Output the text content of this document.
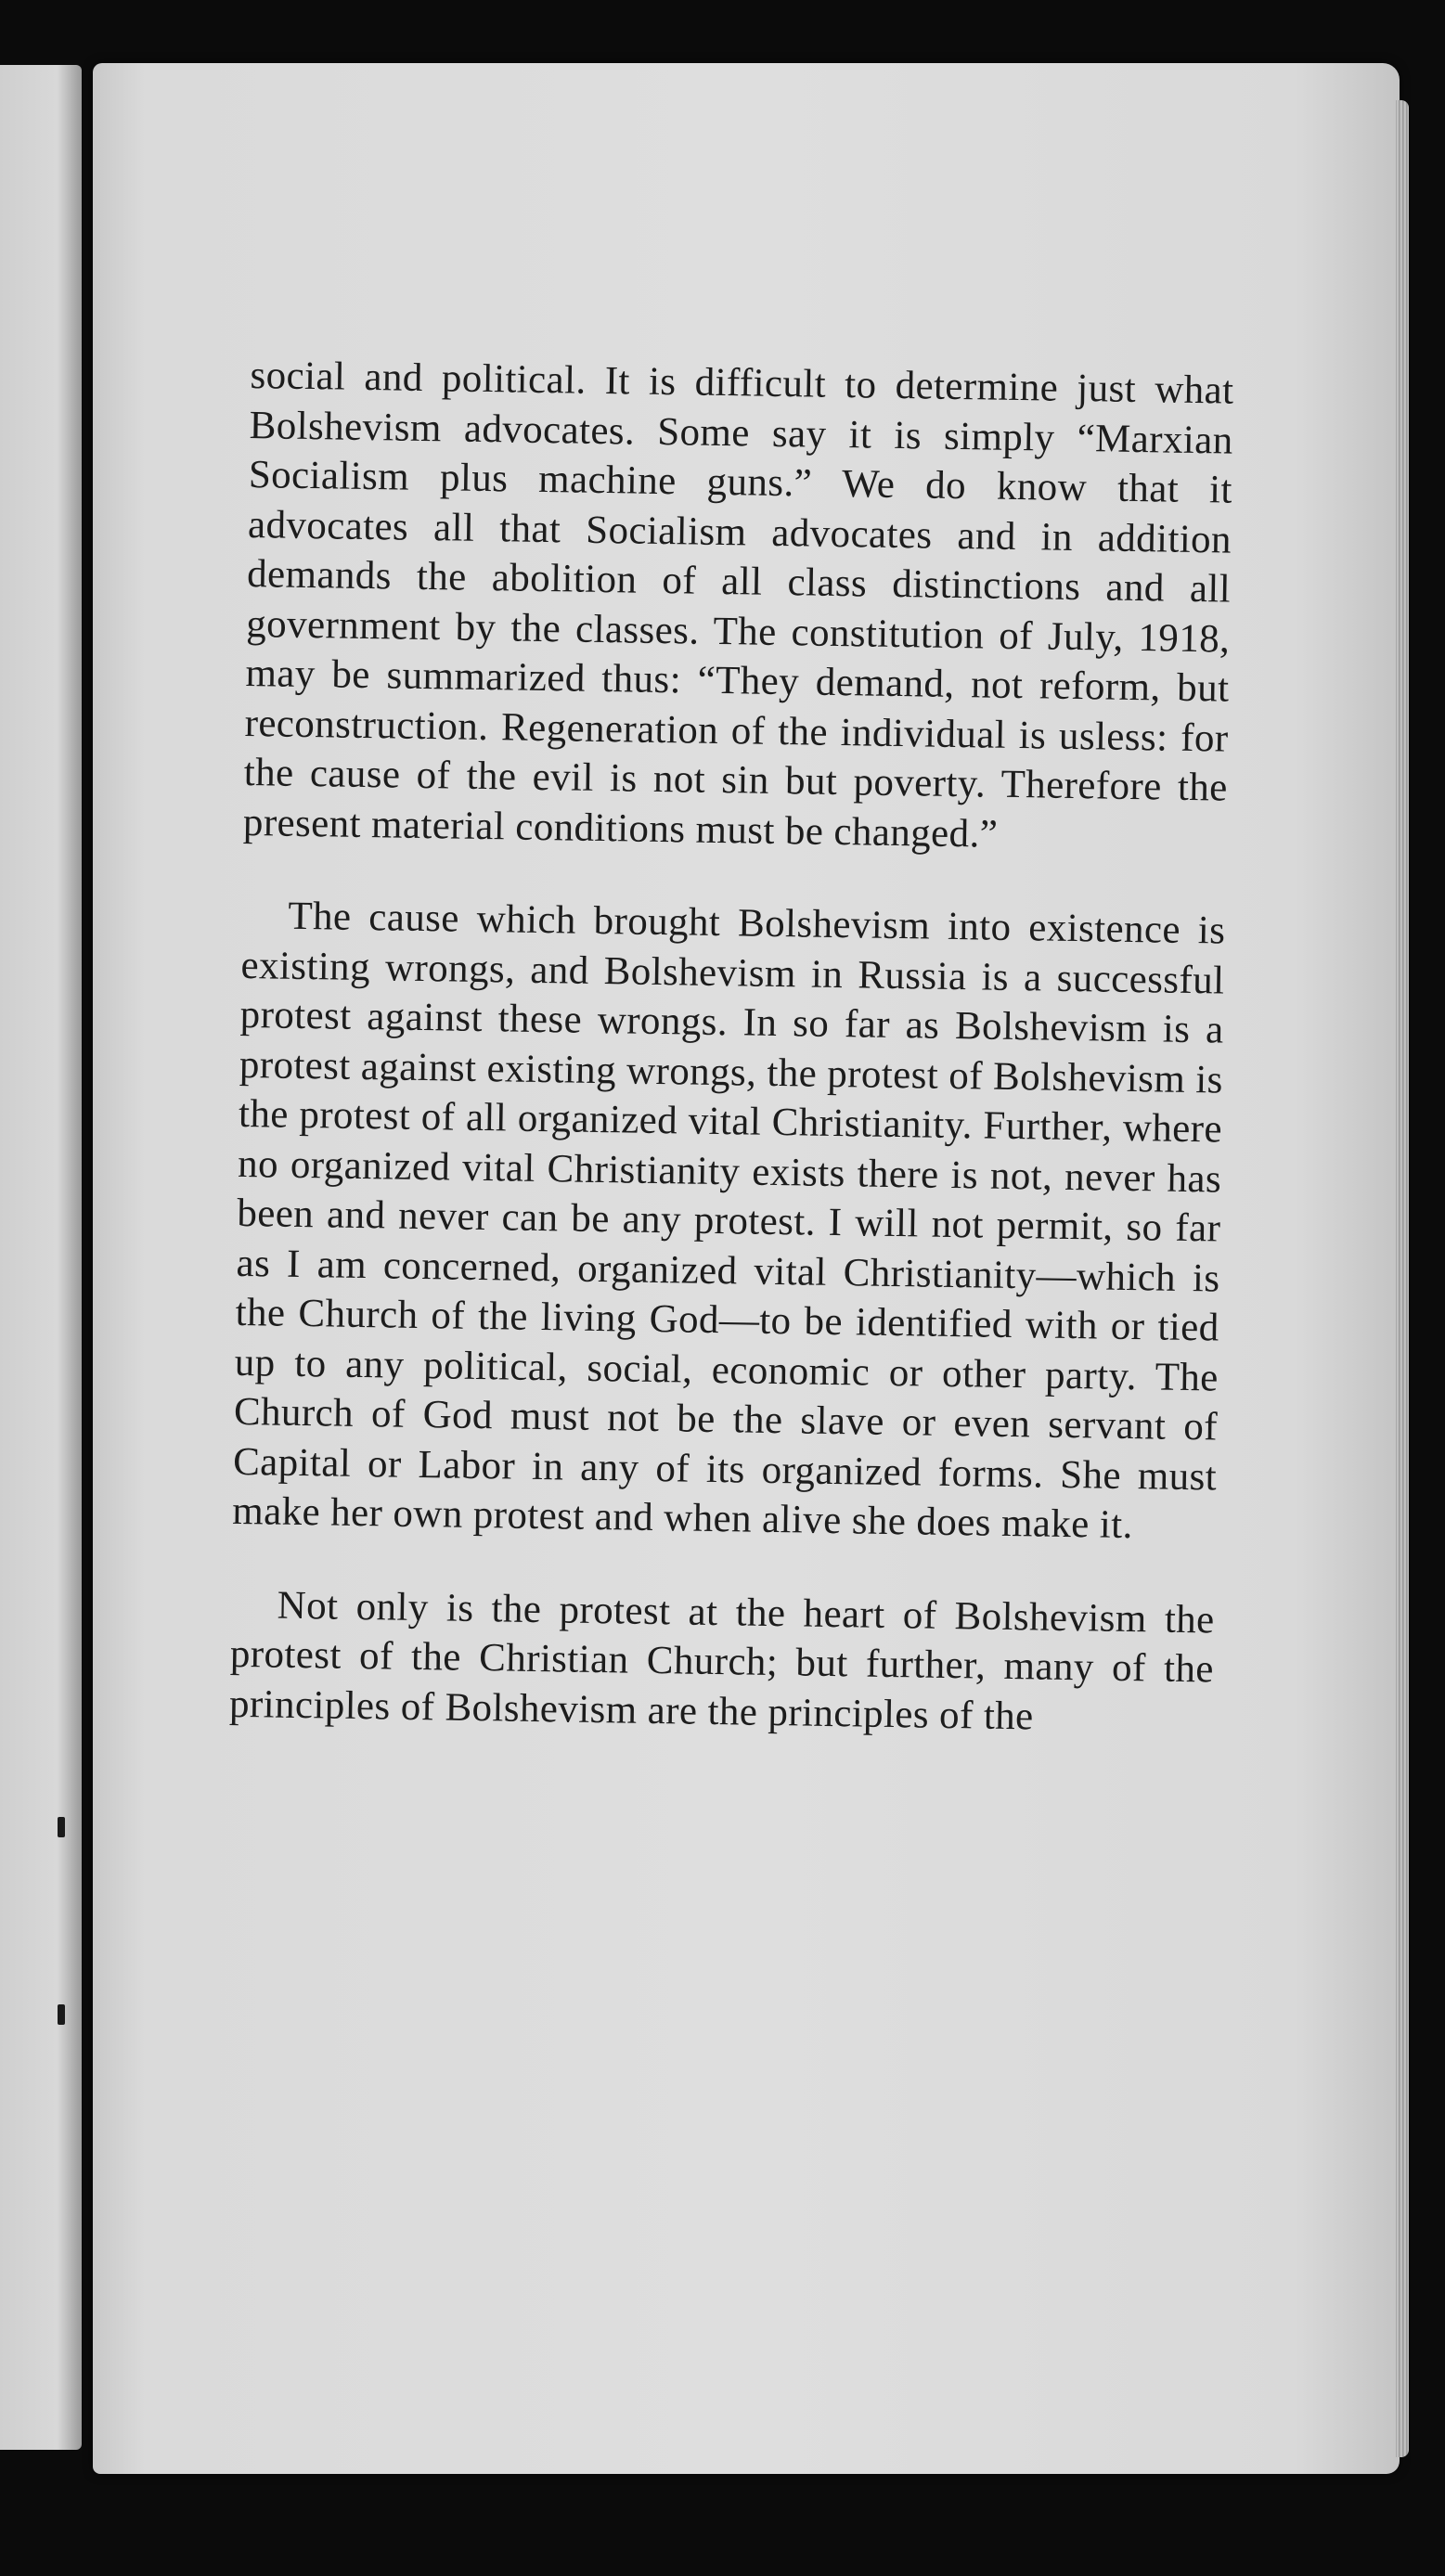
social and political. It is difficult to determine just what Bolshevism advocates. Some say it is simply “Marxian Socialism plus machine guns.” We do know that it advocates all that Socialism advocates and in addition demands the abolition of all class distinctions and all government by the classes. The constitution of July, 1918, may be summarized thus: “They demand, not reform, but reconstruction. Regeneration of the individual is usless: for the cause of the evil is not sin but poverty. Therefore the present material conditions must be changed.”

The cause which brought Bolshevism into existence is existing wrongs, and Bolshevism in Russia is a successful protest against these wrongs. In so far as Bolshevism is a protest against existing wrongs, the protest of Bolshevism is the protest of all organized vital Christianity. Further, where no organized vital Christianity exists there is not, never has been and never can be any protest. I will not permit, so far as I am concerned, organized vital Christianity—which is the Church of the living God—to be identified with or tied up to any political, social, economic or other party. The Church of God must not be the slave or even servant of Capital or Labor in any of its organized forms. She must make her own protest and when alive she does make it.

Not only is the protest at the heart of Bolshevism the protest of the Christian Church; but further, many of the principles of Bolshevism are the principles of the
